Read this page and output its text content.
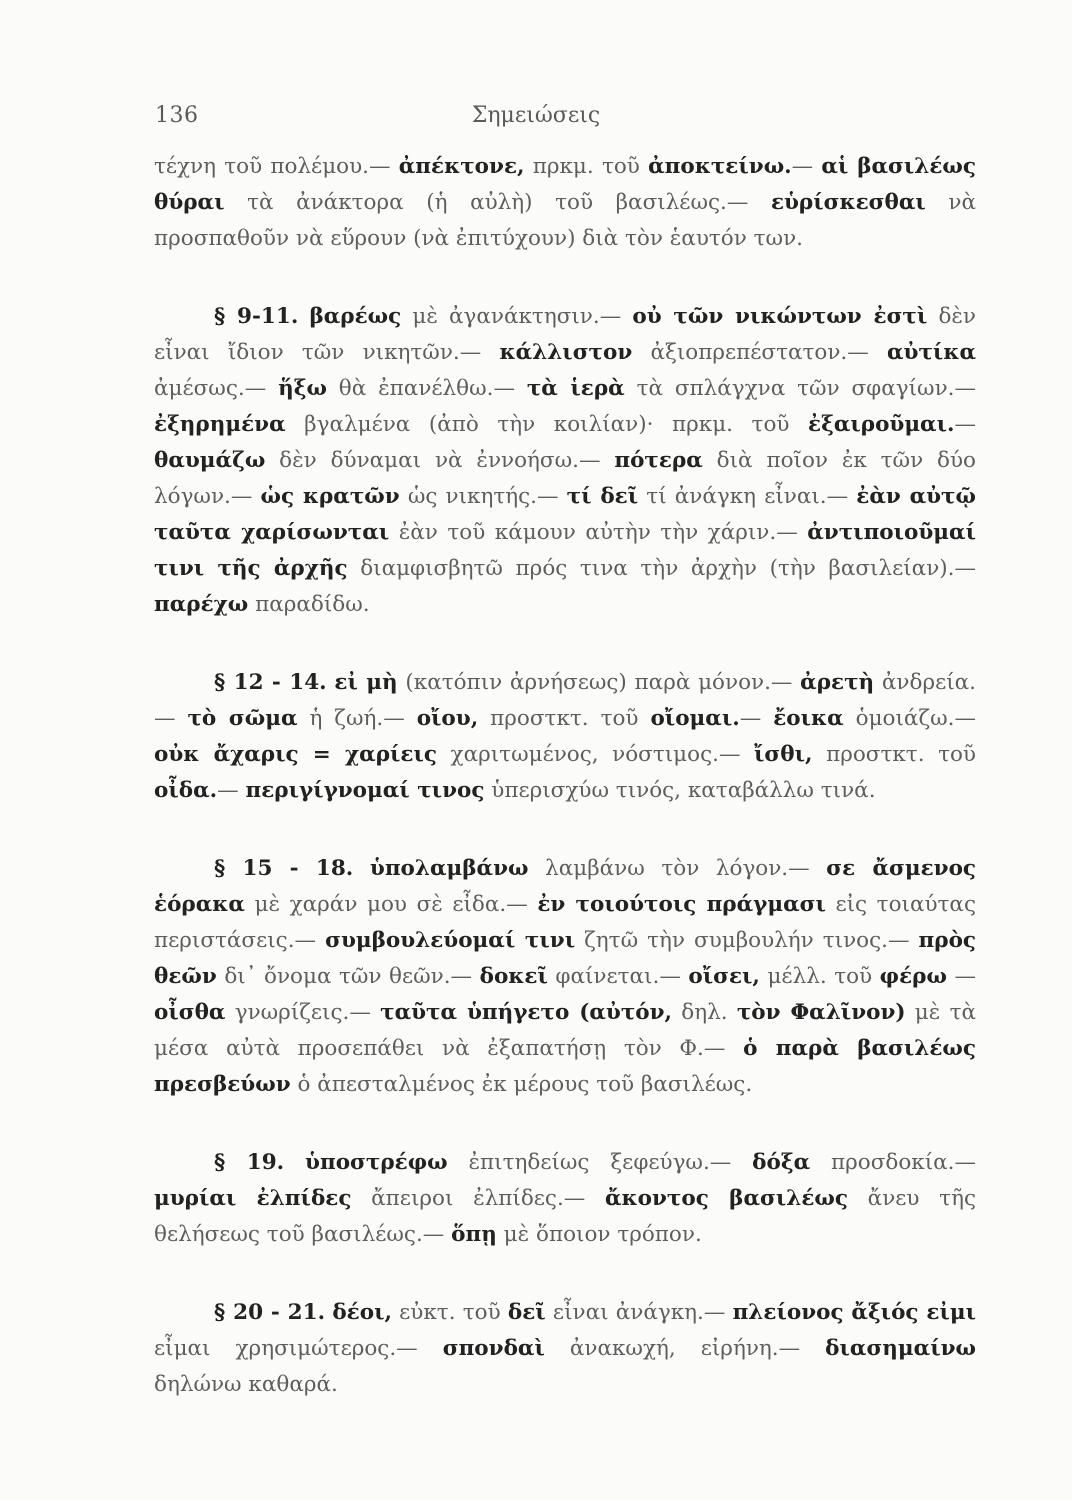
136	Σημειώσεις

τέχνη τοῦ πολέμου.— ἀπέκτονε, πρκμ. τοῦ ἀποκτείνω.— αἱ βασιλέως θύραι τὰ ἀνάκτορα (ἡ αὐλὴ) τοῦ βασιλέως.— εὑρίσκεσθαι νὰ προσπαθοῦν νὰ εὕρουν (νὰ ἐπιτύχουν) διὰ τὸν ἑαυτόν των.

§ 9-11. βαρέως μὲ ἀγανάκτησιν.— οὐ τῶν νικώντων ἐστὶ δὲν εἶναι ἴδιον τῶν νικητῶν.— κάλλιστον ἀξιοπρεπέστατον.— αὐτίκα ἀμέσως.— ἥξω θὰ ἐπανέλθω.— τὰ ἱερὰ τὰ σπλάγχνα τῶν σφαγίων.— ἐξηρημένα βγαλμένα (ἀπὸ τὴν κοιλίαν)· πρκμ. τοῦ ἐξαιροῦμαι.— θαυμάζω δὲν δύναμαι νὰ ἐννοήσω.— πότερα διὰ ποῖον ἐκ τῶν δύο λόγων.— ὡς κρατῶν ὡς νικητής.— τί δεῖ τί ἀνάγκη εἶναι.— ἐὰν αὐτῷ ταῦτα χαρίσωνται ἐὰν τοῦ κάμουν αὐτὴν τὴν χάριν.— ἀντιποιοῦμαί τινι τῆς ἀρχῆς διαμφισβητῶ πρός τινα τὴν ἀρχὴν (τὴν βασιλείαν).— παρέχω παραδίδω.

§ 12 - 14. εἰ μὴ (κατόπιν ἀρνήσεως) παρὰ μόνον.— ἀρετὴ ἀνδρεία.— τὸ σῶμα ἡ ζωή.— οἴου, προστκτ. τοῦ οἴομαι.— ἔοικα ὁμοιάζω.— οὐκ ἄχαρις = χαρίεις χαριτωμένος, νόστιμος.— ἴσθι, προστκτ. τοῦ οἶδα.— περιγίγνομαί τινος ὑπερισχύω τινός, καταβάλλω τινά.

§ 15 - 18. ὑπολαμβάνω λαμβάνω τὸν λόγον.— σε ἄσμενος ἑόρακα μὲ χαράν μου σὲ εἶδα.— ἐν τοιούτοις πράγμασι εἰς τοιαύτας περιστάσεις.— συμβουλεύομαί τινι ζητῶ τὴν συμβουλήν τινος.— πρὸς θεῶν δι᾿ ὄνομα τῶν θεῶν.— δοκεῖ φαίνεται.— οἴσει, μέλλ. τοῦ φέρω — οἶσθα γνωρίζεις.— ταῦτα ὑπήγετο (αὐτόν, δηλ. τὸν Φαλῖνον) μὲ τὰ μέσα αὐτὰ προσεπάθει νὰ ἐξαπατήσῃ τὸν Φ.— ὁ παρὰ βασιλέως πρεσβεύων ὁ ἀπεσταλμένος ἐκ μέρους τοῦ βασιλέως.

§ 19. ὑποστρέφω ἐπιτηδείως ξεφεύγω.— δόξα προσδοκία.— μυρίαι ἐλπίδες ἄπειροι ἐλπίδες.— ἄκοντος βασιλέως ἄνευ τῆς θελήσεως τοῦ βασιλέως.— ὅπῃ μὲ ὅποιον τρόπον.

§ 20 - 21. δέοι, εὐκτ. τοῦ δεῖ εἶναι ἀνάγκη.— πλείονος ἄξιός εἰμι εἶμαι χρησιμώτερος.— σπονδαὶ ἀνακωχή, εἰρήνη.— διασημαίνω δηλώνω καθαρά.
